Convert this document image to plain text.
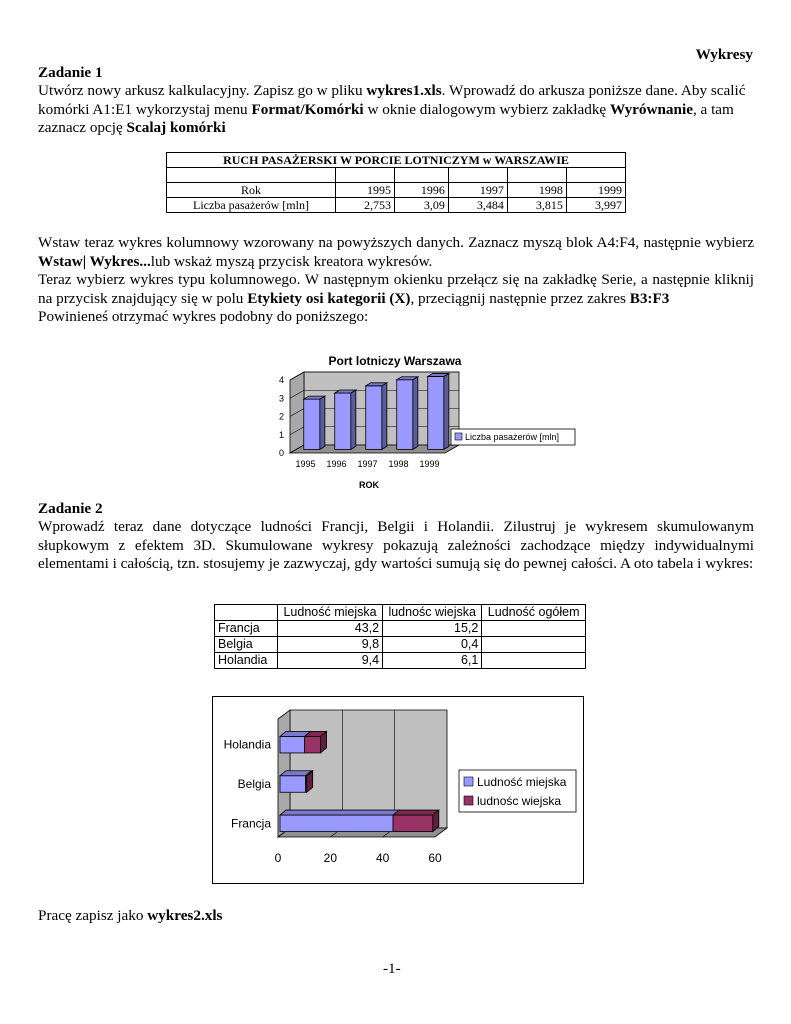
Wykresy
Zadanie 1
Utwórz nowy arkusz kalkulacyjny. Zapisz go w pliku wykres1.xls. Wprowadź do arkusza poniższe dane. Aby scalić komórki A1:E1 wykorzystaj menu Format/Komórki w oknie dialogowym wybierz zakładkę Wyrównanie, a tam zaznacz opcję Scalaj komórki
RUCH PASAŻERSKI W PORCIE LOTNICZYM w WARSZAWIE					

Rok	1995	1996	1997	1998	1999
Liczba pasażerów [mln]	2,753	3,09	3,484	3,815	3,997
Wstaw teraz wykres kolumnowy wzorowany na powyższych danych. Zaznacz myszą blok A4:F4, następnie wybierz Wstaw| Wykres...lub wskaż myszą przycisk kreatora wykresów.
Teraz wybierz wykres typu kolumnowego. W następnym okienku przełącz się na zakładkę Serie, a następnie kliknij na przycisk znajdujący się w polu Etykiety osi kategorii (X), przeciągnij następnie przez zakres B3:F3
Powinieneś otrzymać wykres podobny do poniższego:
Port lotniczy Warszawa
0
1
2
3
4
1995 1996 1997 1998 1999
ROK
Liczba pasażerów [mln]
Zadanie 2
Wprowadź teraz dane dotyczące ludności Francji, Belgii i Holandii. Zilustruj je wykresem skumulowanym słupkowym z efektem 3D. Skumulowane wykresy pokazują zależności zachodzące między indywidualnymi elementami i całością, tzn. stosujemy je zazwyczaj, gdy wartości sumują się do pewnej całości. A oto tabela i wykres:
	Ludność miejska	ludnośc wiejska	Ludność ogółem
Francja	43,2	15,2	
Belgia	9,8	0,4	
Holandia	9,4	6,1	
0	20	40	60
Francja
Belgia
Holandia
Ludność miejska
ludnośc wiejska
Pracę zapisz jako wykres2.xls
-1-
